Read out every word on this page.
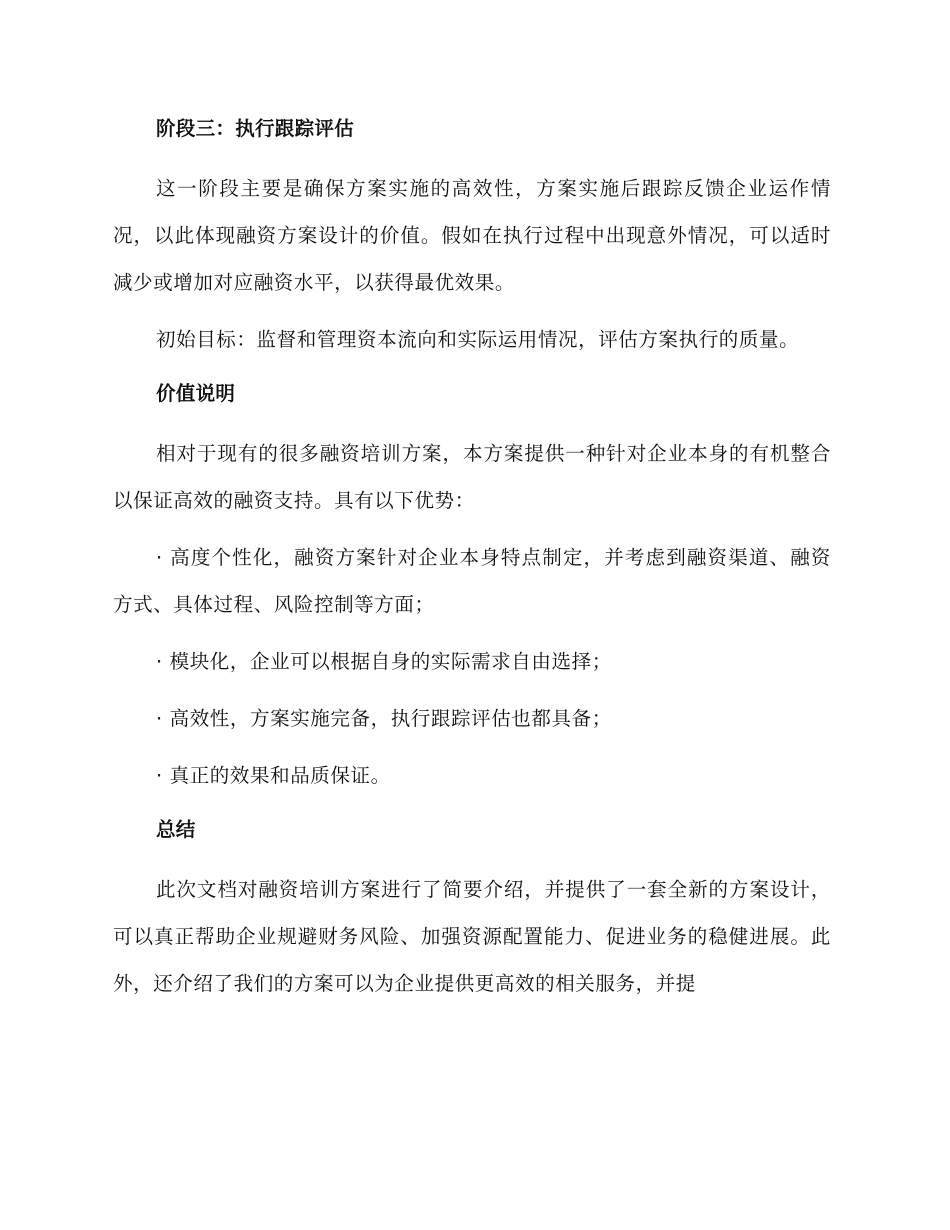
阶段三：执行跟踪评估

这一阶段主要是确保方案实施的高效性，方案实施后跟踪反馈企业运作情况，以此体现融资方案设计的价值。假如在执行过程中出现意外情况，可以适时减少或增加对应融资水平，以获得最优效果。

初始目标：监督和管理资本流向和实际运用情况，评估方案执行的质量。

价值说明

相对于现有的很多融资培训方案，本方案提供一种针对企业本身的有机整合以保证高效的融资支持。具有以下优势：

· 高度个性化，融资方案针对企业本身特点制定，并考虑到融资渠道、融资方式、具体过程、风险控制等方面；

· 模块化，企业可以根据自身的实际需求自由选择；

· 高效性，方案实施完备，执行跟踪评估也都具备；

· 真正的效果和品质保证。

总结

此次文档对融资培训方案进行了简要介绍，并提供了一套全新的方案设计，可以真正帮助企业规避财务风险、加强资源配置能力、促进业务的稳健进展。此外，还介绍了我们的方案可以为企业提供更高效的相关服务，并提
